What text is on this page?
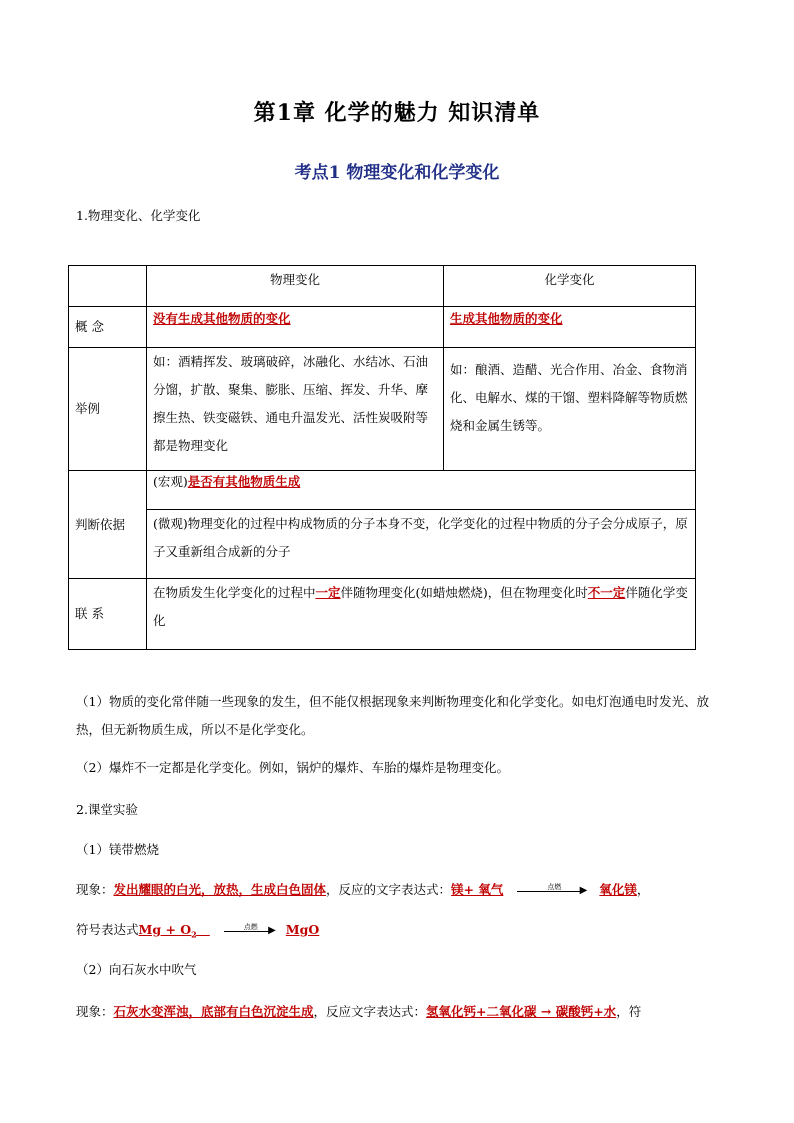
第1章 化学的魅力 知识清单
考点1 物理变化和化学变化
1.物理变化、化学变化
	物理变化	化学变化
概 念	没有生成其他物质的变化	生成其他物质的变化
举例	如：酒精挥发、玻璃破碎，冰融化、水结冰、石油分馏，扩散、聚集、膨胀、压缩、挥发、升华、摩擦生热、铁变磁铁、通电升温发光、活性炭吸附等都是物理变化	如：酿酒、造醋、光合作用、冶金、食物消化、电解水、煤的干馏、塑料降解等物质燃烧和金属生锈等。
判断依据	(宏观)是否有其他物质生成	
	(微观)物理变化的过程中构成物质的分子本身不变，化学变化的过程中物质的分子会分成原子，原子又重新组合成新的分子	
联 系	在物质发生化学变化的过程中一定伴随物理变化(如蜡烛燃烧)，但在物理变化时不一定伴随化学变化	
（1）物质的变化常伴随一些现象的发生，但不能仅根据现象来判断物理变化和化学变化。如电灯泡通电时发光、放热，但无新物质生成，所以不是化学变化。
（2）爆炸不一定都是化学变化。例如，锅炉的爆炸、车胎的爆炸是物理变化。
2.课堂实验
（1）镁带燃烧
现象：发出耀眼的白光，放热，生成白色固体，反应的文字表达式：镁+ 氧气	▶
点燃	氧化镁，
符号表达式$Mg + O_2$	▶
点燃 MgO
（2）向石灰水中吹气
现象：石灰水变浑浊，底部有白色沉淀生成，反应文字表达式：氢氧化钙+二氧化碳 → 碳酸钙+水，符
